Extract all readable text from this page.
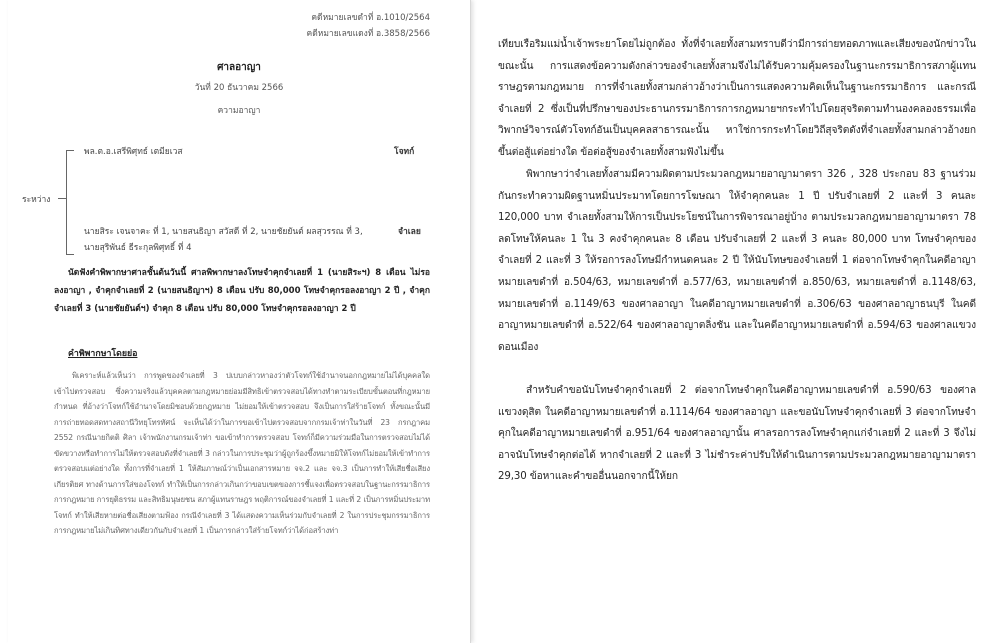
คดีหมายเลขดำที่ อ.1010/2564
คดีหมายเลขแดงที่ อ.3858/2566
ศาลอาญา
วันที่ 20 ธันวาคม 2566
ความอาญา
ระหว่าง
พล.ต.อ.เสรีพิศุทธ์ เตมียเวส	โจทก์
นายสิระ เจนจาคะ ที่ 1, นายสนธิญา สวัสดี ที่ 2, นายชัยยันต์ ผลสุวรรณ ที่ 3,
นายสุริพันธ์ ธีระกุลพิศุทธิ์ ที่ 4
จำเลย
นัดฟังคำพิพากษาศาลชั้นต้นวันนี้ ศาลพิพากษาลงโทษจำคุกจำเลยที่ 1 (นายสิระฯ) 8 เดือน ไม่รอลงอาญา , จำคุกจำเลยที่ 2 (นายสนธิญาฯ) 8 เดือน ปรับ 80,000 โทษจำคุกรอลงอาญา 2 ปี , จำคุกจำเลยที่ 3 (นายชัยยันต์ฯ) จำคุก 8 เดือน ปรับ 80,000 โทษจำคุกรอลงอาญา 2 ปี
คำพิพากษาโดยย่อ
พิเคราะห์แล้วเห็นว่า การพูดของจำเลยที่ 3 ปเบบกล่าวหาองว่าตัวโจทก์ใช้อำนาจนอกกฎหมายไม่ได้บุคคลใดเข้าไปตรวจสอบ ซึ่งความจริงแล้วบุคคลตามกฎหมายย่อมมีสิทธิเข้าตรวจสอบได้ทางทำตามระเบียบขั้นตอนที่กฎหมายกำหนด ที่อ้างว่าโจทก์ใช้อำนาจโดยมิชอบด้วยกฎหมาย ไม่ยอมให้เข้าตรวจสอบ จึงเป็นการใส่ร้ายโจทก์ ทั้งขณะนั้นมีการถ่ายทอดสดทางสถานีวิทยุโทรทัศน์ จะเห็นได้ว่าในการขอเข้าไปตรวจสอบจากกรมเจ้าท่าในวันที่ 23 กรกฎาคม 2552 กรณีนายกิตติ ศิลา เจ้าพนักงานกรมเจ้าท่า ขอเข้าทำการตรวจสอบ โจทก์ก็มีความร่วมมือในการตรวจสอบไม่ได้ขัดขวางหรือทำการไม่ให้ตรวจสอบดังที่จำเลยที่ 3 กล่าวในการประชุมว่าผู้ถูกร้องขึ้งหมายมิให้โจทก์ไม่ยอมให้เข้าทำการตรวจสอบแต่อย่างใด ทั้งการที่จำเลยที่ 1 ให้สัมภาษณ์ว่าเป็นเอกสารหมาย จจ.2 และ จจ.3 เป็นการทำให้เสียชื่อเสียง เกียรติยศ ทางด้านการใส่ของโจทก์ ทำให้เป็นการกล่าวเกินกว่าขอบเขตของการชี้แจงเพื่อตรวจสอบในฐานะกรรมาธิการการกฎหมาย การยุติธรรม และสิทธิมนุษยชน สภาผู้แทนราษฎร พฤติการณ์ของจำเลยที่ 1 และที่ 2 เป็นการหมิ่นประมาทโจทก์ ทำให้เสียหายต่อชื่อเสียงตามฟ้อง กรณีจำเลยที่ 3 ได้แสดงความเห็นร่วมกับจำเลยที่ 2 ในการประชุมกรรมาธิการการกฎหมายไม่เกินทิศทางเดียวกันกับจำเลยที่ 1 เป็นการกล่าวใส่ร้ายโจทก์ว่าได้ก่อสร้างท่า
เทียบเรือริมแม่น้ำเจ้าพระยาโดยไม่ถูกต้อง ทั้งที่จำเลยทั้งสามทราบดีว่ามีการถ่ายทอดภาพและเสียงของนักข่าวในขณะนั้น การแสดงข้อความดังกล่าวของจำเลยทั้งสามจึงไม่ได้รับความคุ้มครองในฐานะกรรมาธิการสภาผู้แทนราษฎรตามกฎหมาย การที่จำเลยทั้งสามกล่าวอ้างว่าเป็นการแสดงความคิดเห็นในฐานะกรรมาธิการ และกรณีจำเลยที่ 2 ซึ่งเป็นที่ปรึกษาของประธานกรรมาธิการการกฎหมายฯกระทำไปโดยสุจริตตามทำนองคลองธรรมเพื่อวิพากษ์วิจารณ์ตัวโจทก์อันเป็นบุคคลสาธารณะนั้น หาใช่การกระทำโดยวิถีสุจริตดังที่จำเลยทั้งสามกล่าวอ้างยกขึ้นต่อสู้แต่อย่างใด ข้อต่อสู้ของจำเลยทั้งสามฟังไม่ขึ้น
พิพากษาว่าจำเลยทั้งสามมีความผิดตามประมวลกฎหมายอาญามาตรา 326 , 328 ประกอบ 83 ฐานร่วมกันกระทำความผิดฐานหมิ่นประมาทโดยการโฆษณา ให้จำคุกคนละ 1 ปี ปรับจำเลยที่ 2 และที่ 3 คนละ 120,000 บาท จำเลยทั้งสามให้การเป็นประโยชน์ในการพิจารณาอยู่บ้าง ตามประมวลกฎหมายอาญามาตรา 78 ลดโทษให้คนละ 1 ใน 3 คงจำคุกคนละ 8 เดือน ปรับจำเลยที่ 2 และที่ 3 คนละ 80,000 บาท โทษจำคุกของจำเลยที่ 2 และที่ 3 ให้รอการลงโทษมีกำหนดคนละ 2 ปี ให้นับโทษของจำเลยที่ 1 ต่อจากโทษจำคุกในคดีอาญาหมายเลขดำที่ อ.504/63, หมายเลขดำที่ อ.577/63, หมายเลขดำที่ อ.850/63, หมายเลขดำที่ อ.1148/63, หมายเลขดำที่ อ.1149/63 ของศาลอาญา ในคดีอาญาหมายเลขดำที่ อ.306/63 ของศาลอาญาธนบุรี ในคดีอาญาหมายเลขดำที่ อ.522/64 ของศาลอาญาตลิ่งชัน และในคดีอาญาหมายเลขดำที่ อ.594/63 ของศาลแขวงดอนเมือง
สำหรับคำขอนับโทษจำคุกจำเลยที่ 2 ต่อจากโทษจำคุกในคดีอาญาหมายเลขดำที่ อ.590/63 ของศาลแขวงดุสิต ในคดีอาญาหมายเลขดำที่ อ.1114/64 ของศาลอาญา และขอนับโทษจำคุกจำเลยที่ 3 ต่อจากโทษจำคุกในคดีอาญาหมายเลขดำที่ อ.951/64 ของศาลอาญานั้น ศาลรอการลงโทษจำคุกแก่จำเลยที่ 2 และที่ 3 จึงไม่อาจนับโทษจำคุกต่อได้ หากจำเลยที่ 2 และที่ 3 ไม่ชำระค่าปรับให้ดำเนินการตามประมวลกฎหมายอาญามาตรา 29,30 ข้อหาและคำขออื่นนอกจากนี้ให้ยก
